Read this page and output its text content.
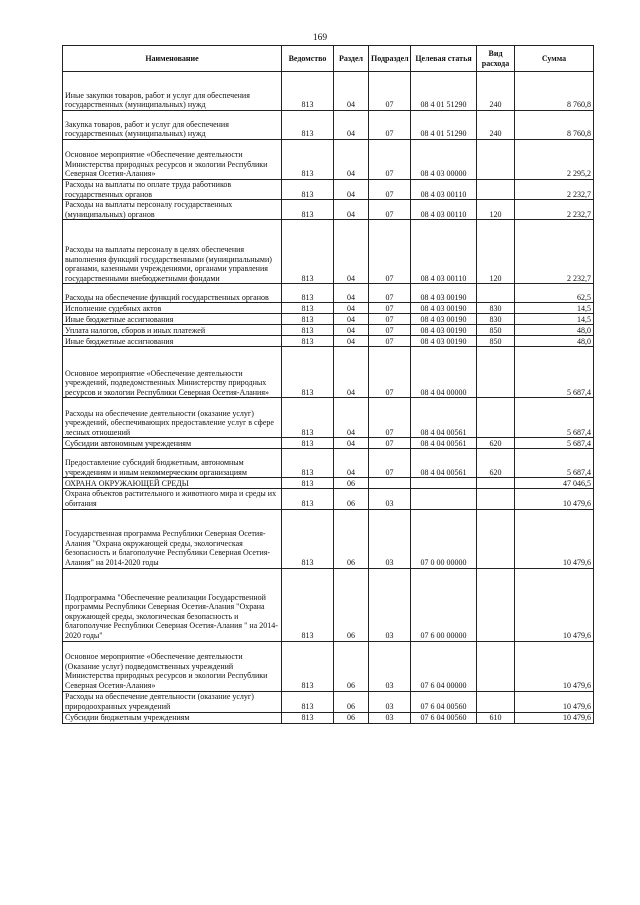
169
Наименование	Ведомство	Раздел	Подраздел	Целевая статья	Вид расхода	Сумма
Иные закупки товаров, работ и услуг для обеспечения государственных (муниципальных) нужд	813	04	07	08 4 01 51290	240	8 760,8
Закупка товаров, работ и услуг для обеспечения государственных (муниципальных) нужд	813	04	07	08 4 01 51290	240	8 760,8
Основное мероприятие «Обеспечение деятельности Министерства природных ресурсов и экологии Республики Северная Осетия-Алания»	813	04	07	08 4 03 00000		2 295,2
Расходы на выплаты по оплате труда работников государственных органов	813	04	07	08 4 03 00110		2 232,7
Расходы на выплаты персоналу государственных (муниципальных) органов	813	04	07	08 4 03 00110	120	2 232,7
Расходы на выплаты персоналу в целях обеспечения выполнения функций государственными (муниципальными) органами, казенными учреждениями, органами управления государственными внебюджетными фондами	813	04	07	08 4 03 00110	120	2 232,7
Расходы на обеспечение функций государственных органов	813	04	07	08 4 03 00190		62,5
Исполнение судебных актов	813	04	07	08 4 03 00190	830	14,5
Иные бюджетные ассигнования	813	04	07	08 4 03 00190	830	14,5
Уплата налогов, сборов и иных платежей	813	04	07	08 4 03 00190	850	48,0
Иные бюджетные ассигнования	813	04	07	08 4 03 00190	850	48,0
Основное мероприятие «Обеспечение деятельности учреждений, подведомственных Министерству природных ресурсов и экологии Республики Северная Осетия-Алания»	813	04	07	08 4 04 00000		5 687,4
Расходы на обеспечение деятельности (оказание услуг) учреждений, обеспечивающих предоставление услуг в сфере лесных отношений	813	04	07	08 4 04 00561		5 687,4
Субсидии автономным учреждениям	813	04	07	08 4 04 00561	620	5 687,4
Предоставление субсидий бюджетным, автономным учреждениям и иным некоммерческим организациям	813	04	07	08 4 04 00561	620	5 687,4
ОХРАНА ОКРУЖАЮЩЕЙ СРЕДЫ	813	06				47 046,5
Охрана объектов растительного и животного мира и среды их обитания	813	06	03			10 479,6
Государственная программа Республики Северная Осетия-Алания "Охрана окружающей среды, экологическая безопасность и благополучие Республики Северная Осетия-Алания" на 2014-2020 годы	813	06	03	07 0 00 00000		10 479,6
Подпрограмма "Обеспечение реализации Государственной программы Республики Северная Осетия-Алания "Охрана окружающей среды, экологическая безопасность и благополучие Республики Северная Осетия-Алания " на 2014-2020 годы"	813	06	03	07 6 00 00000		10 479,6
Основное мероприятие «Обеспечение деятельности (Оказание услуг) подведомственных учреждений Министерства природных ресурсов и экологии Республики Северная Осетия-Алания»	813	06	03	07 6 04 00000		10 479,6
Расходы на обеспечение деятельности (оказание услуг) природоохранных учреждений	813	06	03	07 6 04 00560		10 479,6
Субсидии бюджетным учреждениям	813	06	03	07 6 04 00560	610	10 479,6
